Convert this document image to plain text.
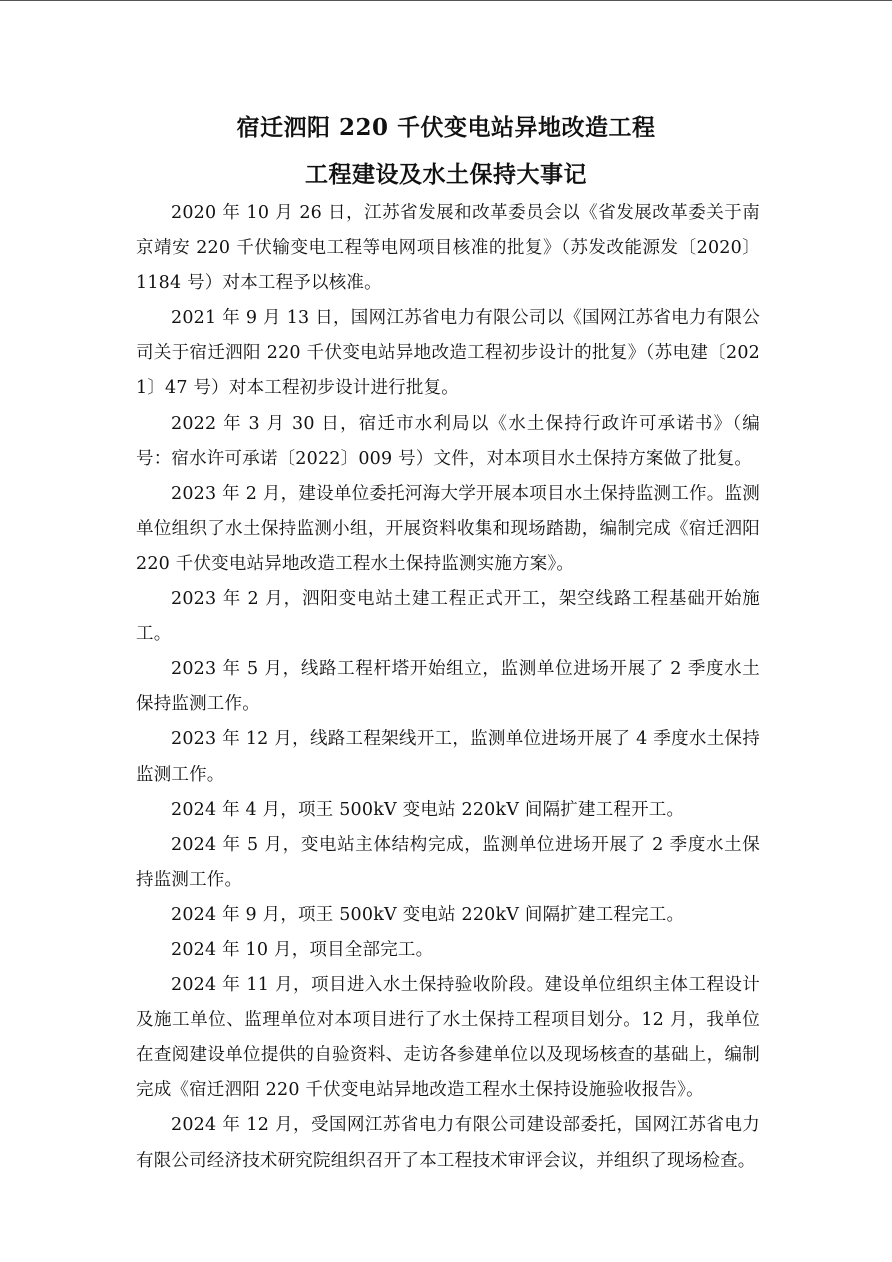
宿迁泗阳 220 千伏变电站异地改造工程
工程建设及水土保持大事记

2020 年 10 月 26 日，江苏省发展和改革委员会以《省发展改革委关于南京靖安 220 千伏输变电工程等电网项目核准的批复》（苏发改能源发〔2020〕1184 号）对本工程予以核准。

2021 年 9 月 13 日，国网江苏省电力有限公司以《国网江苏省电力有限公司关于宿迁泗阳 220 千伏变电站异地改造工程初步设计的批复》（苏电建〔2021〕47 号）对本工程初步设计进行批复。

2022 年 3 月 30 日，宿迁市水利局以《水土保持行政许可承诺书》（编号：宿水许可承诺〔2022〕009 号）文件，对本项目水土保持方案做了批复。

2023 年 2 月，建设单位委托河海大学开展本项目水土保持监测工作。监测单位组织了水土保持监测小组，开展资料收集和现场踏勘，编制完成《宿迁泗阳 220 千伏变电站异地改造工程水土保持监测实施方案》。

2023 年 2 月，泗阳变电站土建工程正式开工，架空线路工程基础开始施工。

2023 年 5 月，线路工程杆塔开始组立，监测单位进场开展了 2 季度水土保持监测工作。

2023 年 12 月，线路工程架线开工，监测单位进场开展了 4 季度水土保持监测工作。

2024 年 4 月，项王 500kV 变电站 220kV 间隔扩建工程开工。

2024 年 5 月，变电站主体结构完成，监测单位进场开展了 2 季度水土保持监测工作。

2024 年 9 月，项王 500kV 变电站 220kV 间隔扩建工程完工。

2024 年 10 月，项目全部完工。

2024 年 11 月，项目进入水土保持验收阶段。建设单位组织主体工程设计及施工单位、监理单位对本项目进行了水土保持工程项目划分。12 月，我单位在查阅建设单位提供的自验资料、走访各参建单位以及现场核查的基础上，编制完成《宿迁泗阳 220 千伏变电站异地改造工程水土保持设施验收报告》。

2024 年 12 月，受国网江苏省电力有限公司建设部委托，国网江苏省电力有限公司经济技术研究院组织召开了本工程技术审评会议，并组织了现场检查。
